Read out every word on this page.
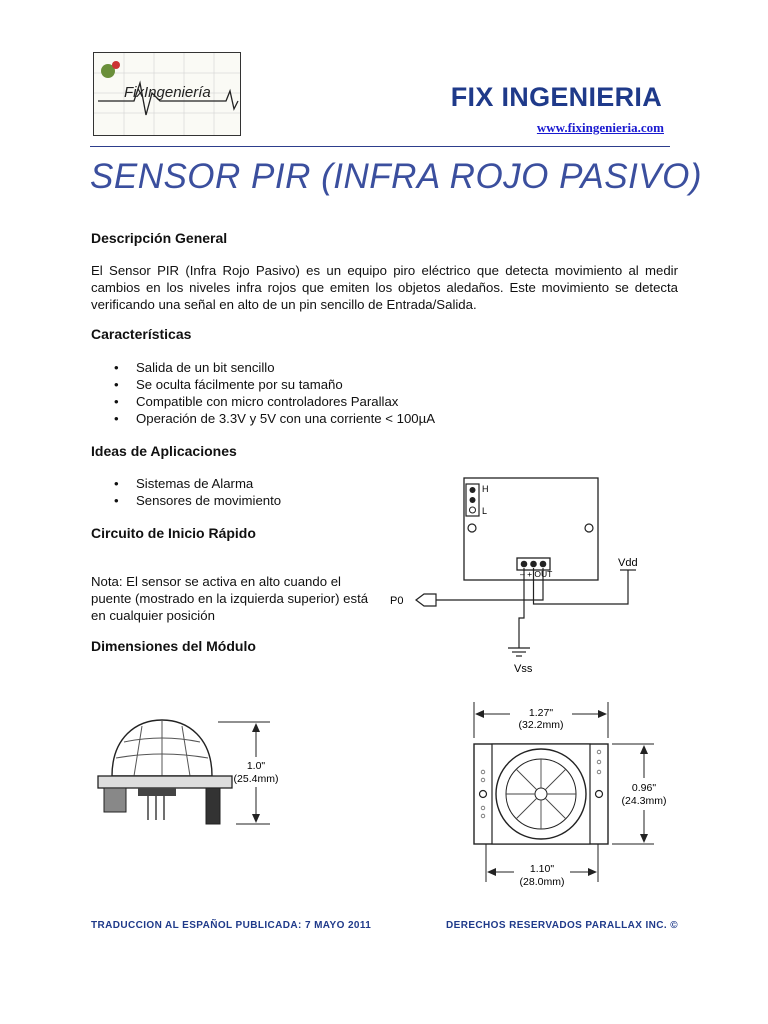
FixIngeniería	FIX INGENIERIA
www.fixingenieria.com
SENSOR PIR (INFRA ROJO PASIVO)
Descripción General
El Sensor PIR (Infra Rojo Pasivo) es un equipo piro eléctrico que detecta movimiento al medir cambios en los niveles infra rojos que emiten los objetos aledaños. Este movimiento se detecta verificando una señal en alto de un pin sencillo de Entrada/Salida.
Características
• Salida de un bit sencillo
• Se oculta fácilmente por su tamaño
• Compatible con micro controladores Parallax
• Operación de 3.3V y 5V con una corriente < 100µA
Ideas de Aplicaciones
• Sistemas de Alarma
• Sensores de movimiento
Circuito de Inicio Rápido
Nota: El sensor se activa en alto cuando el puente (mostrado en la izquierda superior) está en cualquier posición
Dimensiones del Módulo
H
L
– + OUT
Vdd
P0
Vss
1.0"
(25.4mm)
1.27"
(32.2mm)
0.96"
(24.3mm)
1.10"
(28.0mm)
TRADUCCION AL ESPAÑOL PUBLICADA: 7 MAYO 2011	DERECHOS RESERVADOS PARALLAX INC. ©
